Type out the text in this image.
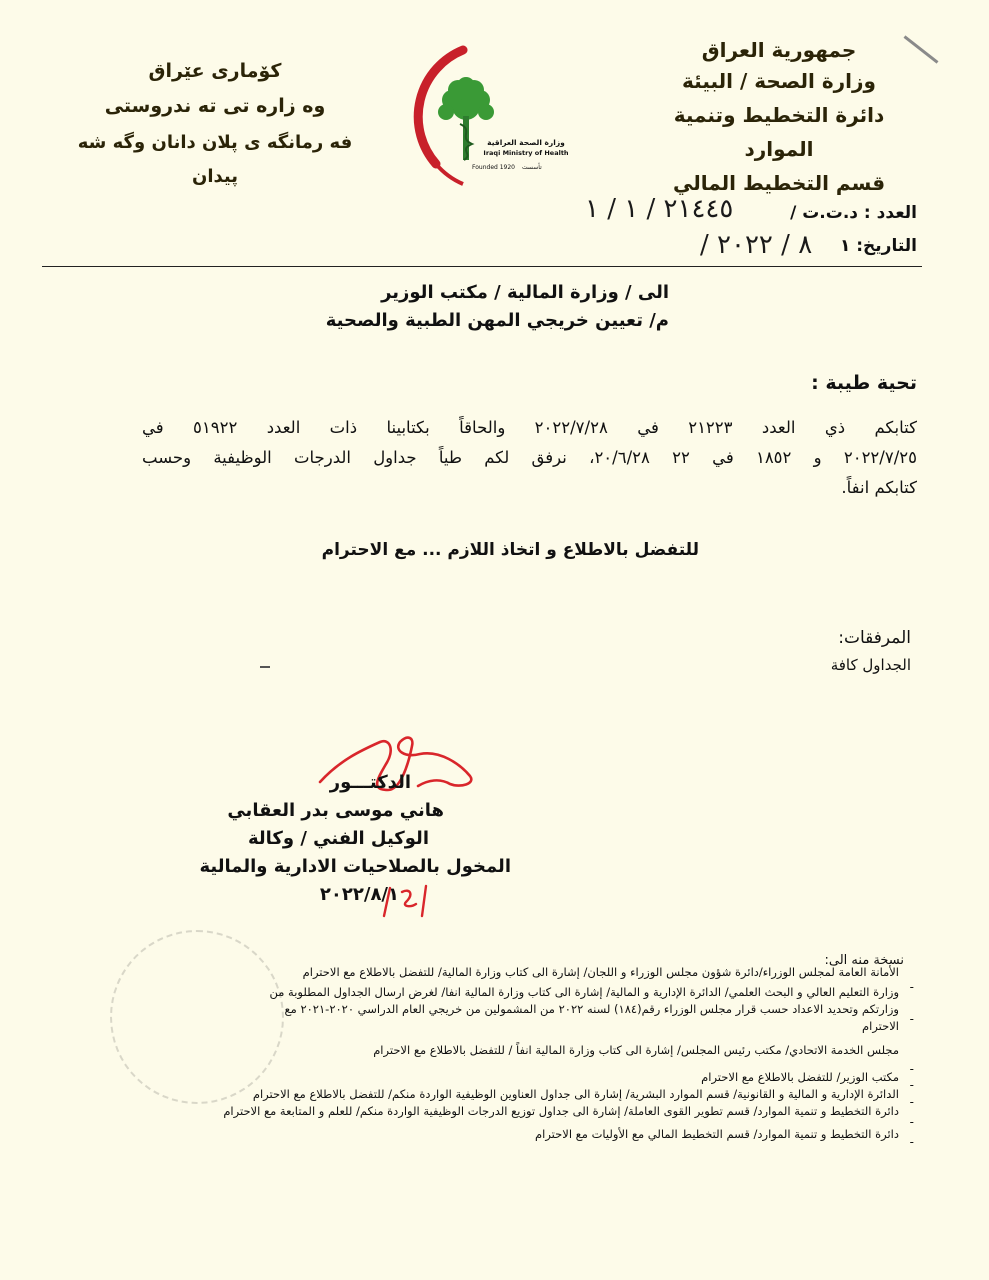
جمهورية العراق
وزارة الصحة / البيئة
دائرة التخطيط وتنمية الموارد
قسم التخطيط المالي
كۆماری عێراق
وه زاره تی ته ندروستی
فه رمانگه ی پلان دانان وگه شه پیدان
وزارة الصحة العراقية
Iraqi Ministry of Health
Founded 1920 تأسست
العدد : د.ت.ت /
٢١٤٤٥ / ١ / ١
التاريخ: ١
/ ٨ / ٢٠٢٢
الى / وزارة المالية / مكتب الوزير
م/ تعيين خريجي المهن الطبية والصحية
تحية طيبة :
كتابكم ذي العدد ٢١٢٢٣ في ٢٠٢٢/٧/٢٨ والحاقاً بكتابينا ذات العدد ٥١٩٢٢ في
٢٠٢٢/٧/٢٥ و ١٨٥٢ في ٢٢ ٢٠/٦/٢٨، نرفق لكم طياً جداول الدرجات الوظيفية وحسب
كتابكم انفاً.
للتفضل بالاطلاع و اتخاذ اللازم ... مع الاحترام
المرفقات:
الجداول كافة
الدكتـــور
هاني موسى بدر العقابي
الوكيل الفني / وكالة
المخول بالصلاحيات الادارية والمالية
٢٠٢٢/٨/١
نسخة منه الى:
الأمانة العامة لمجلس الوزراء/دائرة شؤون مجلس الوزراء و اللجان/ إشارة الى كتاب وزارة المالية/ للتفضل بالاطلاع مع الاحترام
-
وزارة التعليم العالي و البحث العلمي/ الدائرة الإدارية و المالية/ إشارة الى كتاب وزارة المالية انفا/ لغرض ارسال الجداول المطلوبة من
وزارتكم وتحديد الاعداد حسب قرار مجلس الوزراء رقم(١٨٤) لسنه ٢٠٢٢ من المشمولين من خريجي العام الدراسي ٢٠٢٠-٢٠٢١ مع
الاحترام -
مجلس الخدمة الاتحادي/ مكتب رئيس المجلس/ إشارة الى كتاب وزارة المالية انفاً / للتفضل بالاطلاع مع الاحترام
-
مكتب الوزير/ للتفضل بالاطلاع مع الاحترام
-
الدائرة الإدارية و المالية و القانونية/ قسم الموارد البشرية/ إشارة الى جداول العناوين الوظيفية الواردة منكم/ للتفضل بالاطلاع مع الاحترام
-
دائرة التخطيط و تنمية الموارد/ قسم تطوير القوى العاملة/ إشارة الى جداول توزيع الدرجات الوظيفية الواردة منكم/ للعلم و المتابعة مع الاحترام
-
دائرة التخطيط و تنمية الموارد/ قسم التخطيط المالي مع الأوليات مع الاحترام
-
